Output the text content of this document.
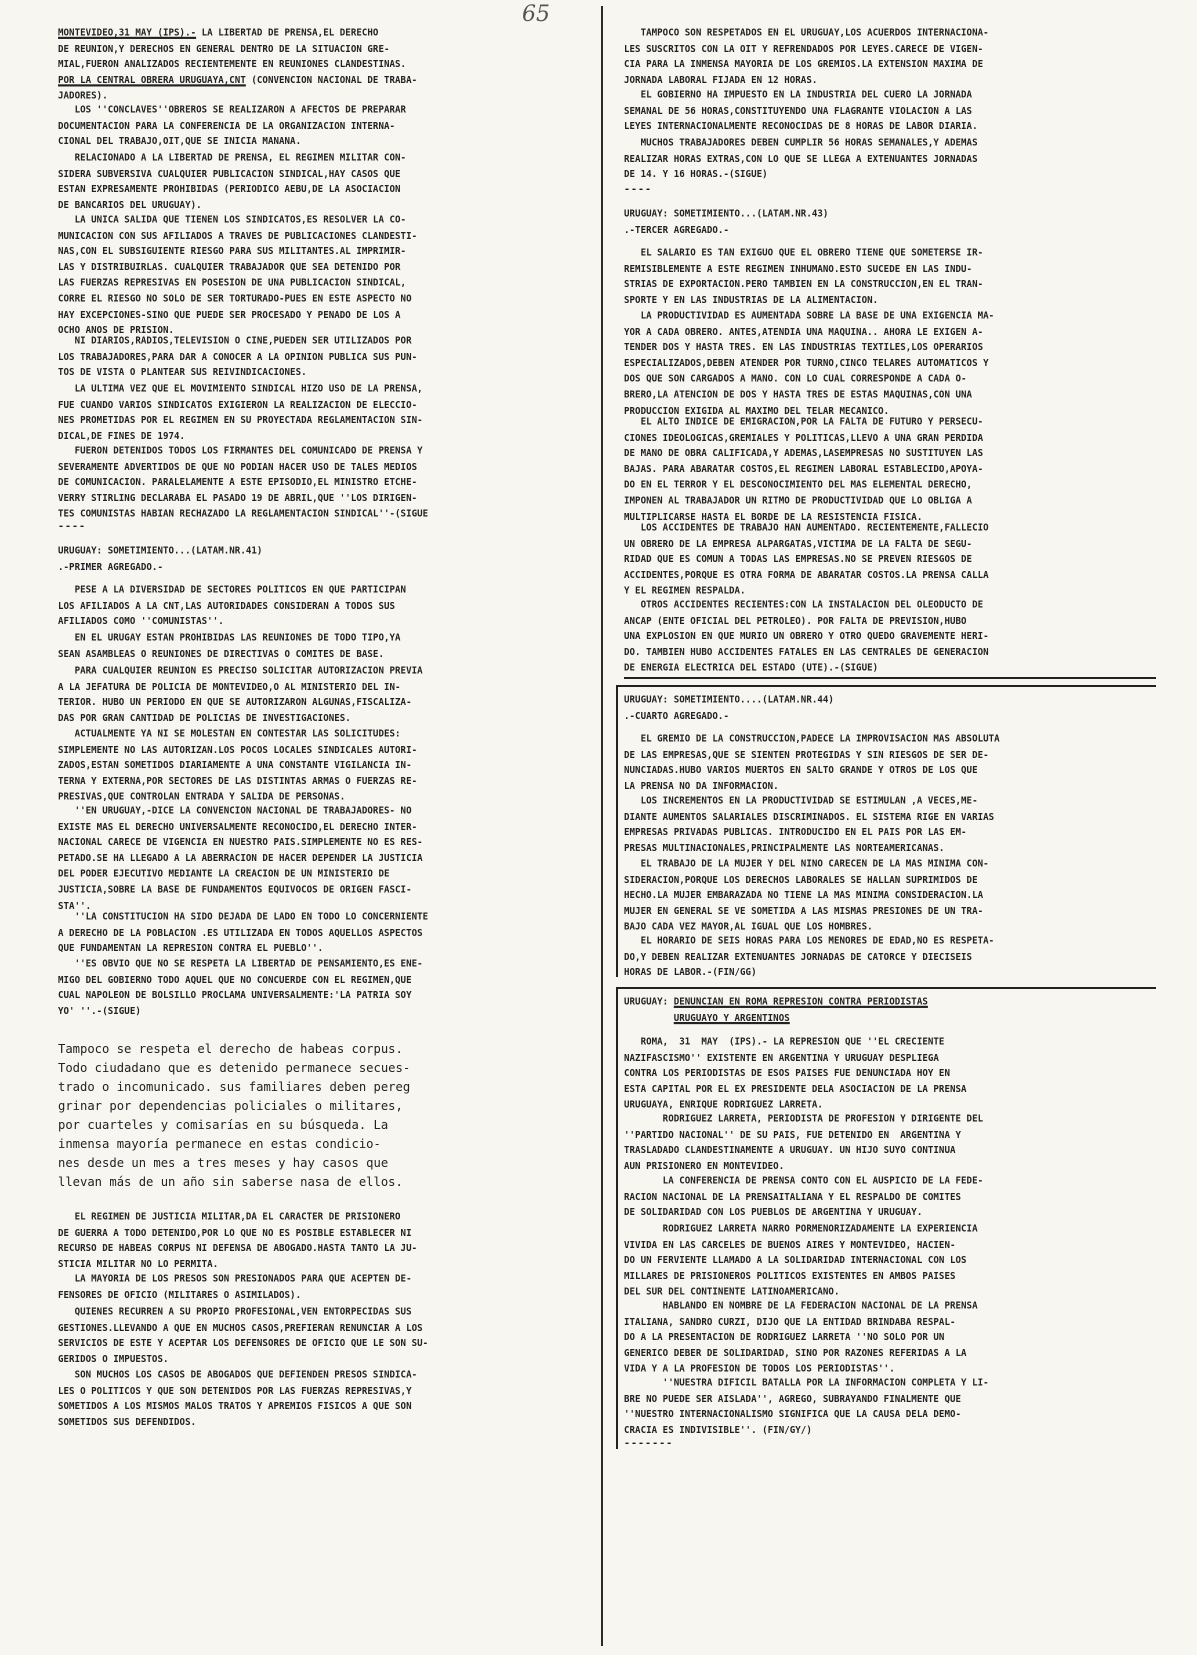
65
MONTEVIDEO,31 MAY (IPS).- LA LIBERTAD DE PRENSA,EL DERECHO
DE REUNION,Y DERECHOS EN GENERAL DENTRO DE LA SITUACION GRE-
MIAL,FUERON ANALIZADOS RECIENTEMENTE EN REUNIONES CLANDESTINAS.
POR LA CENTRAL OBRERA URUGUAYA,CNT (CONVENCION NACIONAL DE TRABA-
JADORES).
LOS ''CONCLAVES''OBREROS SE REALIZARON A AFECTOS DE PREPARAR
DOCUMENTACION PARA LA CONFERENCIA DE LA ORGANIZACION INTERNA-
CIONAL DEL TRABAJO,OIT,QUE SE INICIA MANANA.
RELACIONADO A LA LIBERTAD DE PRENSA, EL REGIMEN MILITAR CON-
SIDERA SUBVERSIVA CUALQUIER PUBLICACION SINDICAL,HAY CASOS QUE
ESTAN EXPRESAMENTE PROHIBIDAS (PERIODICO AEBU,DE LA ASOCIACION
DE BANCARIOS DEL URUGUAY).
LA UNICA SALIDA QUE TIENEN LOS SINDICATOS,ES RESOLVER LA CO-
MUNICACION CON SUS AFILIADOS A TRAVES DE PUBLICACIONES CLANDESTI-
NAS,CON EL SUBSIGUIENTE RIESGO PARA SUS MILITANTES.AL IMPRIMIR-
LAS Y DISTRIBUIRLAS. CUALQUIER TRABAJADOR QUE SEA DETENIDO POR
LAS FUERZAS REPRESIVAS EN POSESION DE UNA PUBLICACION SINDICAL,
CORRE EL RIESGO NO SOLO DE SER TORTURADO-PUES EN ESTE ASPECTO NO
HAY EXCEPCIONES-SINO QUE PUEDE SER PROCESADO Y PENADO DE LOS A
OCHO ANOS DE PRISION.
NI DIARIOS,RADIOS,TELEVISION O CINE,PUEDEN SER UTILIZADOS POR
LOS TRABAJADORES,PARA DAR A CONOCER A LA OPINION PUBLICA SUS PUN-
TOS DE VISTA O PLANTEAR SUS REIVINDICACIONES.
LA ULTIMA VEZ QUE EL MOVIMIENTO SINDICAL HIZO USO DE LA PRENSA,
FUE CUANDO VARIOS SINDICATOS EXIGIERON LA REALIZACION DE ELECCIO-
NES PROMETIDAS POR EL REGIMEN EN SU PROYECTADA REGLAMENTACION SIN-
DICAL,DE FINES DE 1974.
FUERON DETENIDOS TODOS LOS FIRMANTES DEL COMUNICADO DE PRENSA Y
SEVERAMENTE ADVERTIDOS DE QUE NO PODIAN HACER USO DE TALES MEDIOS
DE COMUNICACION. PARALELAMENTE A ESTE EPISODIO,EL MINISTRO ETCHE-
VERRY STIRLING DECLARABA EL PASADO 19 DE ABRIL,QUE ''LOS DIRIGEN-
TES COMUNISTAS HABIAN RECHAZADO LA REGLAMENTACION SINDICAL''-(SIGUE
----
URUGUAY: SOMETIMIENTO...(LATAM.NR.41)
.-PRIMER AGREGADO.-
PESE A LA DIVERSIDAD DE SECTORES POLITICOS EN QUE PARTICIPAN
LOS AFILIADOS A LA CNT,LAS AUTORIDADES CONSIDERAN A TODOS SUS
AFILIADOS COMO ''COMUNISTAS''.
EN EL URUGAY ESTAN PROHIBIDAS LAS REUNIONES DE TODO TIPO,YA
SEAN ASAMBLEAS O REUNIONES DE DIRECTIVAS O COMITES DE BASE.
PARA CUALQUIER REUNION ES PRECISO SOLICITAR AUTORIZACION PREVIA
A LA JEFATURA DE POLICIA DE MONTEVIDEO,O AL MINISTERIO DEL IN-
TERIOR. HUBO UN PERIODO EN QUE SE AUTORIZARON ALGUNAS,FISCALIZA-
DAS POR GRAN CANTIDAD DE POLICIAS DE INVESTIGACIONES.
ACTUALMENTE YA NI SE MOLESTAN EN CONTESTAR LAS SOLICITUDES:
SIMPLEMENTE NO LAS AUTORIZAN.LOS POCOS LOCALES SINDICALES AUTORI-
ZADOS,ESTAN SOMETIDOS DIARIAMENTE A UNA CONSTANTE VIGILANCIA IN-
TERNA Y EXTERNA,POR SECTORES DE LAS DISTINTAS ARMAS O FUERZAS RE-
PRESIVAS,QUE CONTROLAN ENTRADA Y SALIDA DE PERSONAS.
''EN URUGUAY,-DICE LA CONVENCION NACIONAL DE TRABAJADORES- NO
EXISTE MAS EL DERECHO UNIVERSALMENTE RECONOCIDO,EL DERECHO INTER-
NACIONAL CARECE DE VIGENCIA EN NUESTRO PAIS.SIMPLEMENTE NO ES RES-
PETADO.SE HA LLEGADO A LA ABERRACION DE HACER DEPENDER LA JUSTICIA
DEL PODER EJECUTIVO MEDIANTE LA CREACION DE UN MINISTERIO DE
JUSTICIA,SOBRE LA BASE DE FUNDAMENTOS EQUIVOCOS DE ORIGEN FASCI-
STA''.
''LA CONSTITUCION HA SIDO DEJADA DE LADO EN TODO LO CONCERNIENTE
A DERECHO DE LA POBLACION .ES UTILIZADA EN TODOS AQUELLOS ASPECTOS
QUE FUNDAMENTAN LA REPRESION CONTRA EL PUEBLO''.
''ES OBVIO QUE NO SE RESPETA LA LIBERTAD DE PENSAMIENTO,ES ENE-
MIGO DEL GOBIERNO TODO AQUEL QUE NO CONCUERDE CON EL REGIMEN,QUE
CUAL NAPOLEON DE BOLSILLO PROCLAMA UNIVERSALMENTE:'LA PATRIA SOY
YO' ''.-(SIGUE)
Tampoco se respeta el derecho de habeas corpus.
Todo ciudadano que es detenido permanece secues-
trado o incomunicado. sus familiares deben pereg
grinar por dependencias policiales o militares,
por cuarteles y comisarías en su búsqueda. La
inmensa mayoría permanece en estas condicio-
nes desde un mes a tres meses y hay casos que
llevan más de un año sin saberse nasa de ellos.
EL REGIMEN DE JUSTICIA MILITAR,DA EL CARACTER DE PRISIONERO
DE GUERRA A TODO DETENIDO,POR LO QUE NO ES POSIBLE ESTABLECER NI
RECURSO DE HABEAS CORPUS NI DEFENSA DE ABOGADO.HASTA TANTO LA JU-
STICIA MILITAR NO LO PERMITA.
LA MAYORIA DE LOS PRESOS SON PRESIONADOS PARA QUE ACEPTEN DE-
FENSORES DE OFICIO (MILITARES O ASIMILADOS).
QUIENES RECURREN A SU PROPIO PROFESIONAL,VEN ENTORPECIDAS SUS
GESTIONES.LLEVANDO A QUE EN MUCHOS CASOS,PREFIERAN RENUNCIAR A LOS
SERVICIOS DE ESTE Y ACEPTAR LOS DEFENSORES DE OFICIO QUE LE SON SU-
GERIDOS O IMPUESTOS.
SON MUCHOS LOS CASOS DE ABOGADOS QUE DEFIENDEN PRESOS SINDICA-
LES O POLITICOS Y QUE SON DETENIDOS POR LAS FUERZAS REPRESIVAS,Y
SOMETIDOS A LOS MISMOS MALOS TRATOS Y APREMIOS FISICOS A QUE SON
SOMETIDOS SUS DEFENDIDOS.
TAMPOCO SON RESPETADOS EN EL URUGUAY,LOS ACUERDOS INTERNACIONA-
LES SUSCRITOS CON LA OIT Y REFRENDADOS POR LEYES.CARECE DE VIGEN-
CIA PARA LA INMENSA MAYORIA DE LOS GREMIOS.LA EXTENSION MAXIMA DE
JORNADA LABORAL FIJADA EN 12 HORAS.
EL GOBIERNO HA IMPUESTO EN LA INDUSTRIA DEL CUERO LA JORNADA
SEMANAL DE 56 HORAS,CONSTITUYENDO UNA FLAGRANTE VIOLACION A LAS
LEYES INTERNACIONALMENTE RECONOCIDAS DE 8 HORAS DE LABOR DIARIA.
MUCHOS TRABAJADORES DEBEN CUMPLIR 56 HORAS SEMANALES,Y ADEMAS
REALIZAR HORAS EXTRAS,CON LO QUE SE LLEGA A EXTENUANTES JORNADAS
DE 14. Y 16 HORAS.-(SIGUE)
----
URUGUAY: SOMETIMIENTO...(LATAM.NR.43)
.-TERCER AGREGADO.-
EL SALARIO ES TAN EXIGUO QUE EL OBRERO TIENE QUE SOMETERSE IR-
REMISIBLEMENTE A ESTE REGIMEN INHUMANO.ESTO SUCEDE EN LAS INDU-
STRIAS DE EXPORTACION.PERO TAMBIEN EN LA CONSTRUCCION,EN EL TRAN-
SPORTE Y EN LAS INDUSTRIAS DE LA ALIMENTACION.
LA PRODUCTIVIDAD ES AUMENTADA SOBRE LA BASE DE UNA EXIGENCIA MA-
YOR A CADA OBRERO. ANTES,ATENDIA UNA MAQUINA.. AHORA LE EXIGEN A-
TENDER DOS Y HASTA TRES. EN LAS INDUSTRIAS TEXTILES,LOS OPERARIOS
ESPECIALIZADOS,DEBEN ATENDER POR TURNO,CINCO TELARES AUTOMATICOS Y
DOS QUE SON CARGADOS A MANO. CON LO CUAL CORRESPONDE A CADA O-
BRERO,LA ATENCION DE DOS Y HASTA TRES DE ESTAS MAQUINAS,CON UNA
PRODUCCION EXIGIDA AL MAXIMO DEL TELAR MECANICO.
EL ALTO INDICE DE EMIGRACION,POR LA FALTA DE FUTURO Y PERSECU-
CIONES IDEOLOGICAS,GREMIALES Y POLITICAS,LLEVO A UNA GRAN PERDIDA
DE MANO DE OBRA CALIFICADA,Y ADEMAS,LASEMPRESAS NO SUSTITUYEN LAS
BAJAS. PARA ABARATAR COSTOS,EL REGIMEN LABORAL ESTABLECIDO,APOYA-
DO EN EL TERROR Y EL DESCONOCIMIENTO DEL MAS ELEMENTAL DERECHO,
IMPONEN AL TRABAJADOR UN RITMO DE PRODUCTIVIDAD QUE LO OBLIGA A
MULTIPLICARSE HASTA EL BORDE DE LA RESISTENCIA FISICA.
LOS ACCIDENTES DE TRABAJO HAN AUMENTADO. RECIENTEMENTE,FALLECIO
UN OBRERO DE LA EMPRESA ALPARGATAS,VICTIMA DE LA FALTA DE SEGU-
RIDAD QUE ES COMUN A TODAS LAS EMPRESAS.NO SE PREVEN RIESGOS DE
ACCIDENTES,PORQUE ES OTRA FORMA DE ABARATAR COSTOS.LA PRENSA CALLA
Y EL REGIMEN RESPALDA.
OTROS ACCIDENTES RECIENTES:CON LA INSTALACION DEL OLEODUCTO DE
ANCAP (ENTE OFICIAL DEL PETROLEO). POR FALTA DE PREVISION,HUBO
UNA EXPLOSION EN QUE MURIO UN OBRERO Y OTRO QUEDO GRAVEMENTE HERI-
DO. TAMBIEN HUBO ACCIDENTES FATALES EN LAS CENTRALES DE GENERACION
DE ENERGIA ELECTRICA DEL ESTADO (UTE).-(SIGUE)
URUGUAY: SOMETIMIENTO....(LATAM.NR.44)
.-CUARTO AGREGADO.-
EL GREMIO DE LA CONSTRUCCION,PADECE LA IMPROVISACION MAS ABSOLUTA
DE LAS EMPRESAS,QUE SE SIENTEN PROTEGIDAS Y SIN RIESGOS DE SER DE-
NUNCIADAS.HUBO VARIOS MUERTOS EN SALTO GRANDE Y OTROS DE LOS QUE
LA PRENSA NO DA INFORMACION.
LOS INCREMENTOS EN LA PRODUCTIVIDAD SE ESTIMULAN ,A VECES,ME-
DIANTE AUMENTOS SALARIALES DISCRIMINADOS. EL SISTEMA RIGE EN VARIAS
EMPRESAS PRIVADAS PUBLICAS. INTRODUCIDO EN EL PAIS POR LAS EM-
PRESAS MULTINACIONALES,PRINCIPALMENTE LAS NORTEAMERICANAS.
EL TRABAJO DE LA MUJER Y DEL NINO CARECEN DE LA MAS MINIMA CON-
SIDERACION,PORQUE LOS DERECHOS LABORALES SE HALLAN SUPRIMIDOS DE
HECHO.LA MUJER EMBARAZADA NO TIENE LA MAS MINIMA CONSIDERACION.LA
MUJER EN GENERAL SE VE SOMETIDA A LAS MISMAS PRESIONES DE UN TRA-
BAJO CADA VEZ MAYOR,AL IGUAL QUE LOS HOMBRES.
EL HORARIO DE SEIS HORAS PARA LOS MENORES DE EDAD,NO ES RESPETA-
DO,Y DEBEN REALIZAR EXTENUANTES JORNADAS DE CATORCE Y DIECISEIS
HORAS DE LABOR.-(FIN/GG)
URUGUAY: DENUNCIAN EN ROMA REPRESION CONTRA PERIODISTAS
URUGUAYO Y ARGENTINOS
ROMA,  31  MAY  (IPS).- LA REPRESION QUE ''EL CRECIENTE
NAZIFASCISMO'' EXISTENTE EN ARGENTINA Y URUGUAY DESPLIEGA
CONTRA LOS PERIODISTAS DE ESOS PAISES FUE DENUNCIADA HOY EN
ESTA CAPITAL POR EL EX PRESIDENTE DELA ASOCIACION DE LA PRENSA
URUGUAYA, ENRIQUE RODRIGUEZ LARRETA.
RODRIGUEZ LARRETA, PERIODISTA DE PROFESION Y DIRIGENTE DEL
''PARTIDO NACIONAL'' DE SU PAIS, FUE DETENIDO EN  ARGENTINA Y
TRASLADADO CLANDESTINAMENTE A URUGUAY. UN HIJO SUYO CONTINUA
AUN PRISIONERO EN MONTEVIDEO.
LA CONFERENCIA DE PRENSA CONTO CON EL AUSPICIO DE LA FEDE-
RACION NACIONAL DE LA PRENSAITALIANA Y EL RESPALDO DE COMITES
DE SOLIDARIDAD CON LOS PUEBLOS DE ARGENTINA Y URUGUAY.
RODRIGUEZ LARRETA NARRO PORMENORIZADAMENTE LA EXPERIENCIA
VIVIDA EN LAS CARCELES DE BUENOS AIRES Y MONTEVIDEO, HACIEN-
DO UN FERVIENTE LLAMADO A LA SOLIDARIDAD INTERNACIONAL CON LOS
MILLARES DE PRISIONEROS POLITICOS EXISTENTES EN AMBOS PAISES
DEL SUR DEL CONTINENTE LATINOAMERICANO.
HABLANDO EN NOMBRE DE LA FEDERACION NACIONAL DE LA PRENSA
ITALIANA, SANDRO CURZI, DIJO QUE LA ENTIDAD BRINDABA RESPAL-
DO A LA PRESENTACION DE RODRIGUEZ LARRETA ''NO SOLO POR UN
GENERICO DEBER DE SOLIDARIDAD, SINO POR RAZONES REFERIDAS A LA
VIDA Y A LA PROFESION DE TODOS LOS PERIODISTAS''.
''NUESTRA DIFICIL BATALLA POR LA INFORMACION COMPLETA Y LI-
BRE NO PUEDE SER AISLADA'', AGREGO, SUBRAYANDO FINALMENTE QUE
''NUESTRO INTERNACIONALISMO SIGNIFICA QUE LA CAUSA DELA DEMO-
CRACIA ES INDIVISIBLE''. (FIN/GY/)
-------
